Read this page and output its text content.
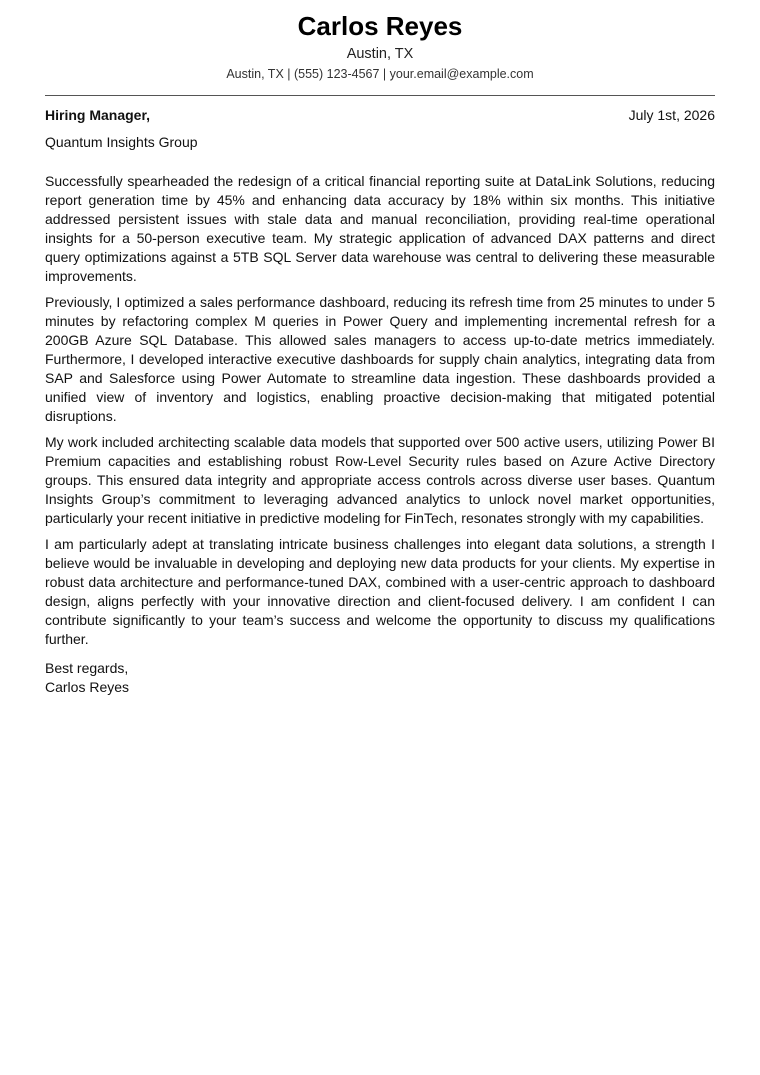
Carlos Reyes
Austin, TX
Austin, TX | (555) 123-4567 | your.email@example.com
Hiring Manager,	July 1st, 2026
Quantum Insights Group

Successfully spearheaded the redesign of a critical financial reporting suite at DataLink Solutions, reducing report generation time by 45% and enhancing data accuracy by 18% within six months. This initiative addressed persistent issues with stale data and manual reconciliation, providing real-time operational insights for a 50-person executive team. My strategic application of advanced DAX patterns and direct query optimizations against a 5TB SQL Server data warehouse was central to delivering these measurable improvements.

Previously, I optimized a sales performance dashboard, reducing its refresh time from 25 minutes to under 5 minutes by refactoring complex M queries in Power Query and implementing incremental refresh for a 200GB Azure SQL Database. This allowed sales managers to access up-to-date metrics immediately. Furthermore, I developed interactive executive dashboards for supply chain analytics, integrating data from SAP and Salesforce using Power Automate to streamline data ingestion. These dashboards provided a unified view of inventory and logistics, enabling proactive decision-making that mitigated potential disruptions.

My work included architecting scalable data models that supported over 500 active users, utilizing Power BI Premium capacities and establishing robust Row-Level Security rules based on Azure Active Directory groups. This ensured data integrity and appropriate access controls across diverse user bases. Quantum Insights Group’s commitment to leveraging advanced analytics to unlock novel market opportunities, particularly your recent initiative in predictive modeling for FinTech, resonates strongly with my capabilities.

I am particularly adept at translating intricate business challenges into elegant data solutions, a strength I believe would be invaluable in developing and deploying new data products for your clients. My expertise in robust data architecture and performance-tuned DAX, combined with a user-centric approach to dashboard design, aligns perfectly with your innovative direction and client-focused delivery. I am confident I can contribute significantly to your team’s success and welcome the opportunity to discuss my qualifications further.

Best regards,
Carlos Reyes
